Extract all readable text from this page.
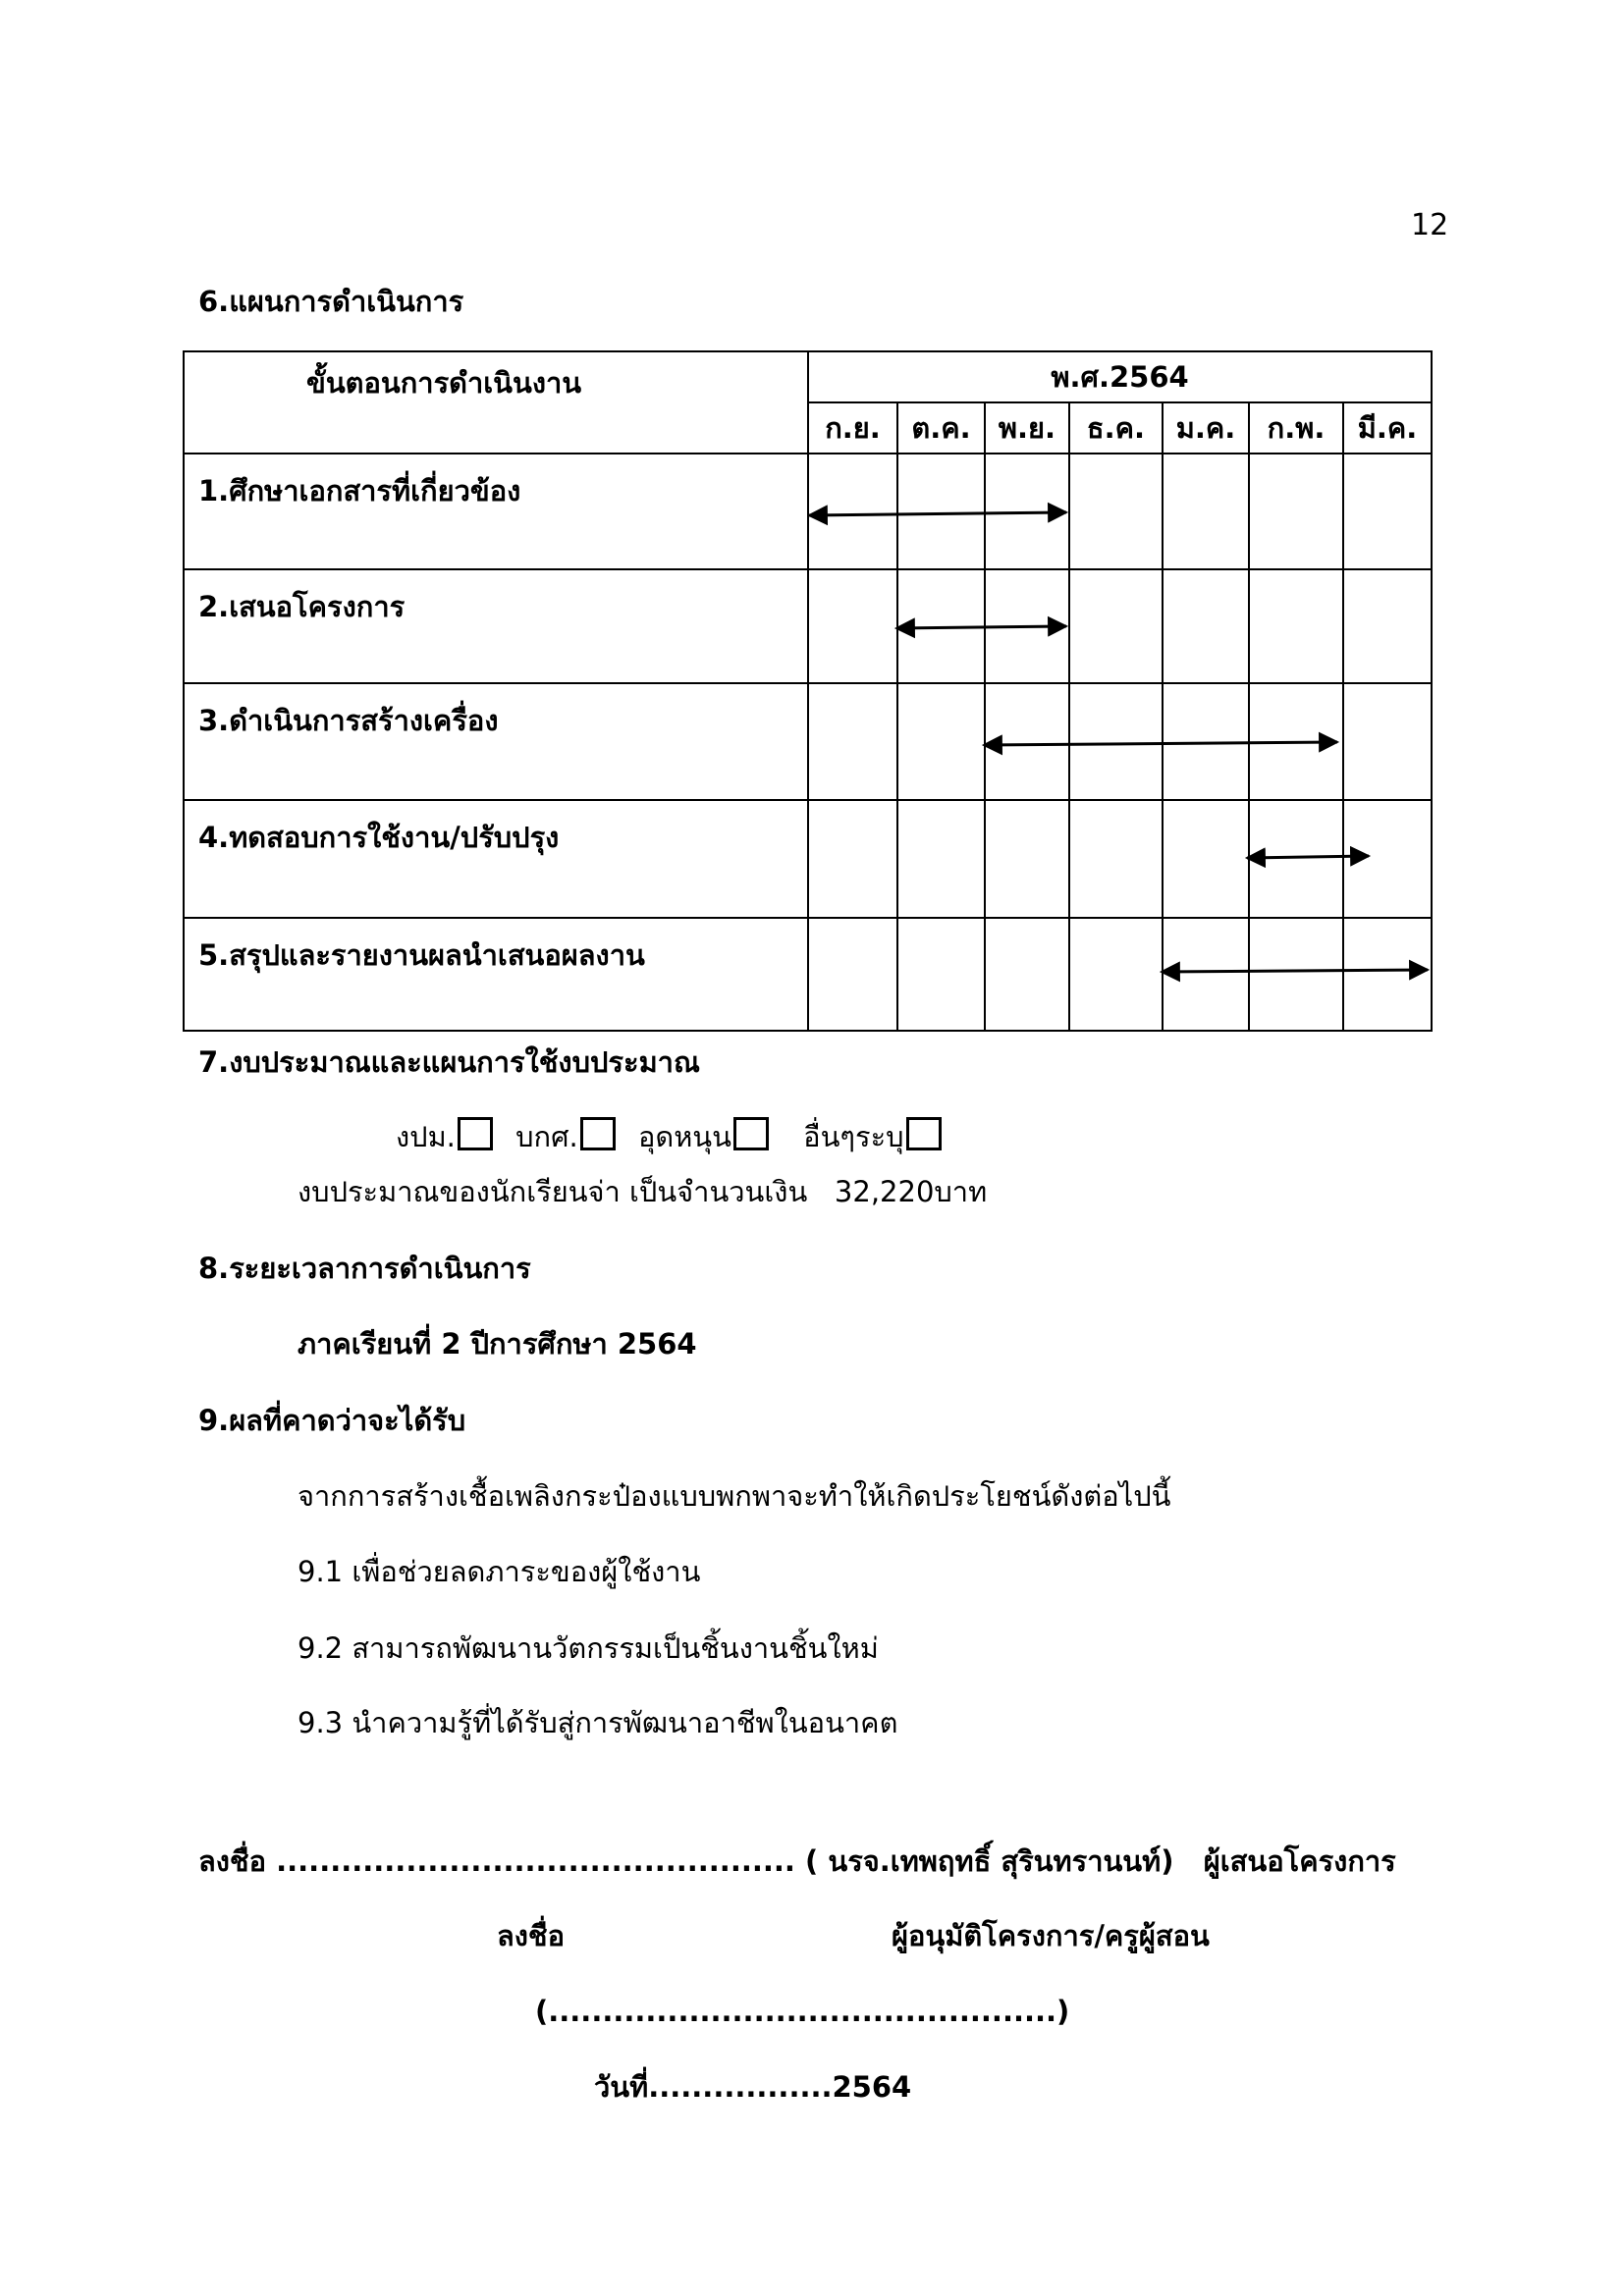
12
6.แผนการดำเนินการ
ขั้นตอนการดำเนินงาน	พ.ศ.2564						
	ก.ย.	ต.ค.	พ.ย.	ธ.ค.	ม.ค.	ก.พ.	มี.ค.
1.ศึกษาเอกสารที่เกี่ยวข้อง							
2.เสนอโครงการ							
3.ดำเนินการสร้างเครื่อง							
4.ทดสอบการใช้งาน/ปรับปรุง							
5.สรุปและรายงานผลนำเสนอผลงาน							
7.งบประมาณและแผนการใช้งบประมาณ
งปม. บกศ. อุดหนุน	อื่นๆระบุ
งบประมาณของนักเรียนจ่า เป็นจำนวนเงิน   32,220บาท
8.ระยะเวลาการดำเนินการ
ภาคเรียนที่ 2 ปีการศึกษา 2564
9.ผลที่คาดว่าจะได้รับ
จากการสร้างเชื้อเพลิงกระป๋องแบบพกพาจะทำให้เกิดประโยชน์ดังต่อไปนี้
9.1 เพื่อช่วยลดภาระของผู้ใช้งาน
9.2 สามารถพัฒนานวัตกรรมเป็นชิ้นงานชิ้นใหม่
9.3 นำความรู้ที่ได้รับสู่การพัฒนาอาชีพในอนาคต
ลงชื่อ ................................................ ( นรจ.เทพฤทธิ์ สุรินทรานนท์)   ผู้เสนอโครงการ
ลงชื่อ	ผู้อนุมัติโครงการ/ครูผู้สอน
(...............................................)
วันที่.................2564
